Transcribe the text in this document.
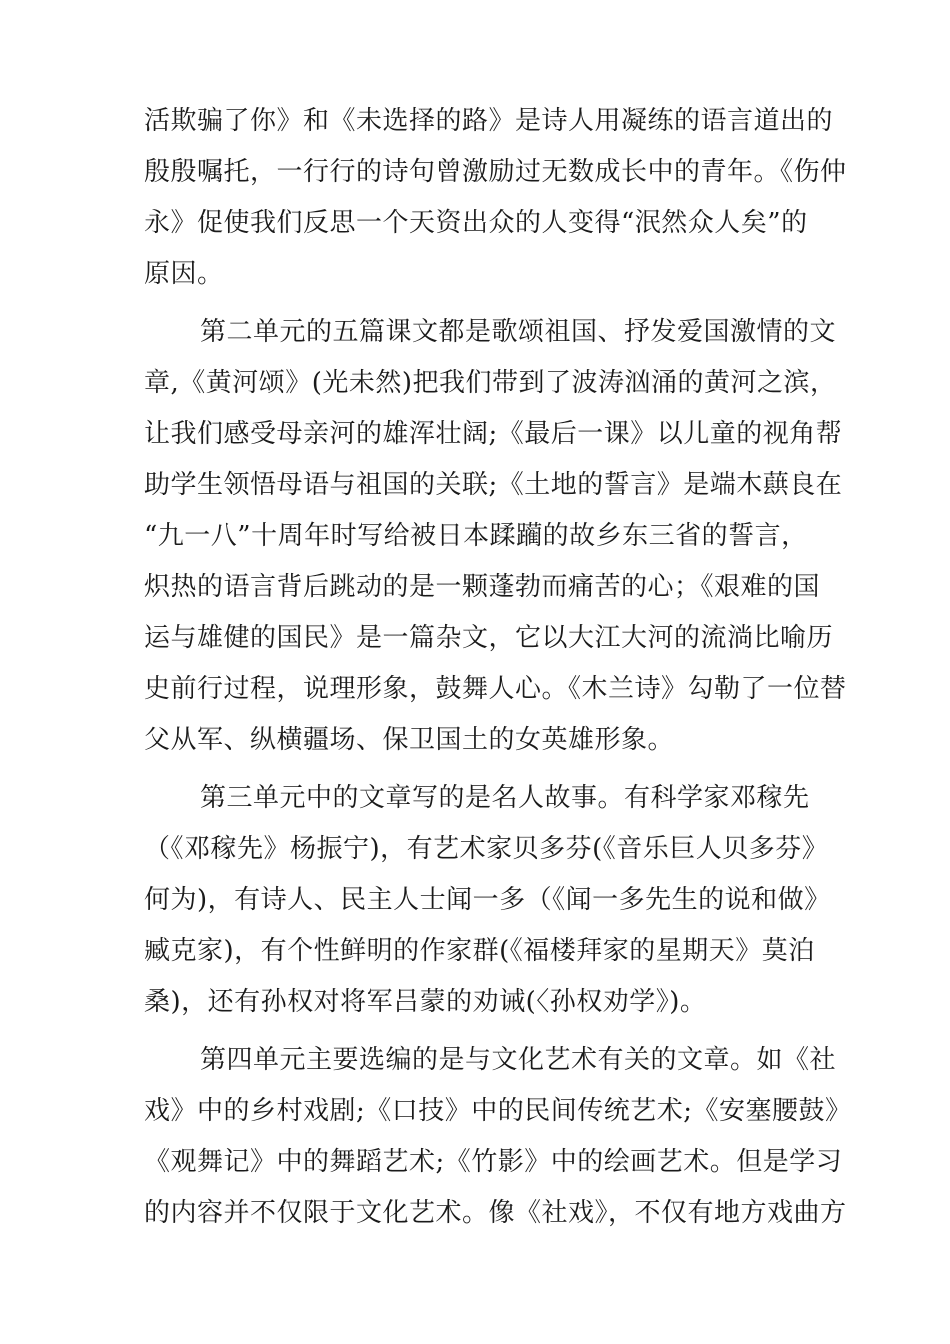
活欺骗了你》和《未选择的路》是诗人用凝练的语言道出的
殷殷嘱托，一行行的诗句曾激励过无数成长中的青年。《伤仲
永》促使我们反思一个天资出众的人变得“泯然众人矣”的
原因。
第二单元的五篇课文都是歌颂祖国、抒发爱国激情的文
章,《黄河颂》(光未然)把我们带到了波涛汹涌的黄河之滨，
让我们感受母亲河的雄浑壮阔;《最后一课》以儿童的视角帮
助学生领悟母语与祖国的关联;《土地的誓言》是端木蕻良在
“九一八”十周年时写给被日本蹂躏的故乡东三省的誓言，
炽热的语言背后跳动的是一颗蓬勃而痛苦的心；《艰难的国
运与雄健的国民》是一篇杂文，它以大江大河的流淌比喻历
史前行过程，说理形象，鼓舞人心。《木兰诗》勾勒了一位替
父从军、纵横疆场、保卫国土的女英雄形象。
第三单元中的文章写的是名人故事。有科学家邓稼先
（《邓稼先》杨振宁)，有艺术家贝多芬(《音乐巨人贝多芬》
何为)，有诗人、民主人士闻一多（《闻一多先生的说和做》
臧克家)，有个性鲜明的作家群(《福楼拜家的星期天》莫泊
桑)，还有孙权对将军吕蒙的劝诫(〈孙权劝学》)。
第四单元主要选编的是与文化艺术有关的文章。如《社
戏》中的乡村戏剧;《口技》中的民间传统艺术;《安塞腰鼓》
《观舞记》中的舞蹈艺术;《竹影》中的绘画艺术。但是学习
的内容并不仅限于文化艺术。像《社戏》，不仅有地方戏曲方
